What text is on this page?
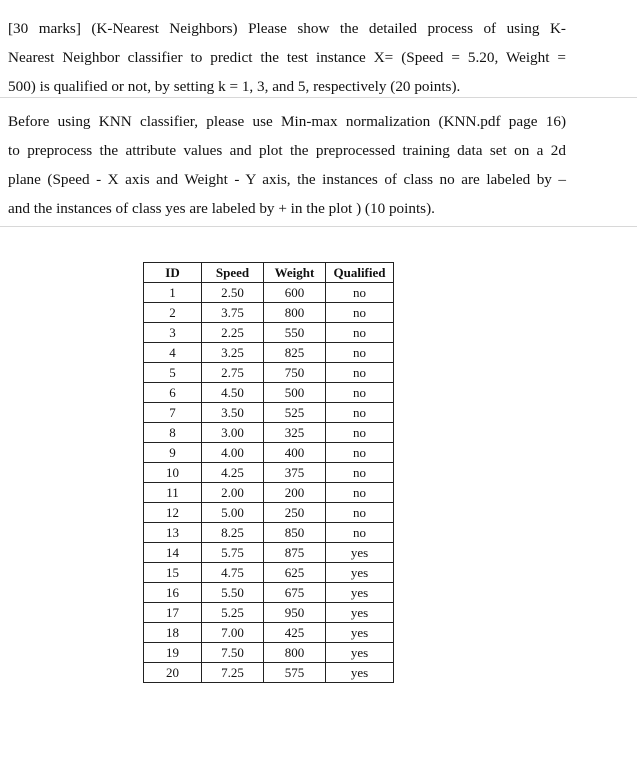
[30 marks] (K-Nearest Neighbors) Please show the detailed process of using K-
Nearest Neighbor classifier to predict the test instance X= (Speed = 5.20, Weight =
500) is qualified or not, by setting k = 1, 3, and 5, respectively (20 points).
Before using KNN classifier, please use Min-max normalization (KNN.pdf page 16)
to preprocess the attribute values and plot the preprocessed training data set on a 2d
plane (Speed - X axis and Weight - Y axis, the instances of class no are labeled by –
and the instances of class yes are labeled by + in the plot ) (10 points).
ID	Speed	Weight	Qualified
1	2.50	600	no
2	3.75	800	no
3	2.25	550	no
4	3.25	825	no
5	2.75	750	no
6	4.50	500	no
7	3.50	525	no
8	3.00	325	no
9	4.00	400	no
10	4.25	375	no
11	2.00	200	no
12	5.00	250	no
13	8.25	850	no
14	5.75	875	yes
15	4.75	625	yes
16	5.50	675	yes
17	5.25	950	yes
18	7.00	425	yes
19	7.50	800	yes
20	7.25	575	yes
